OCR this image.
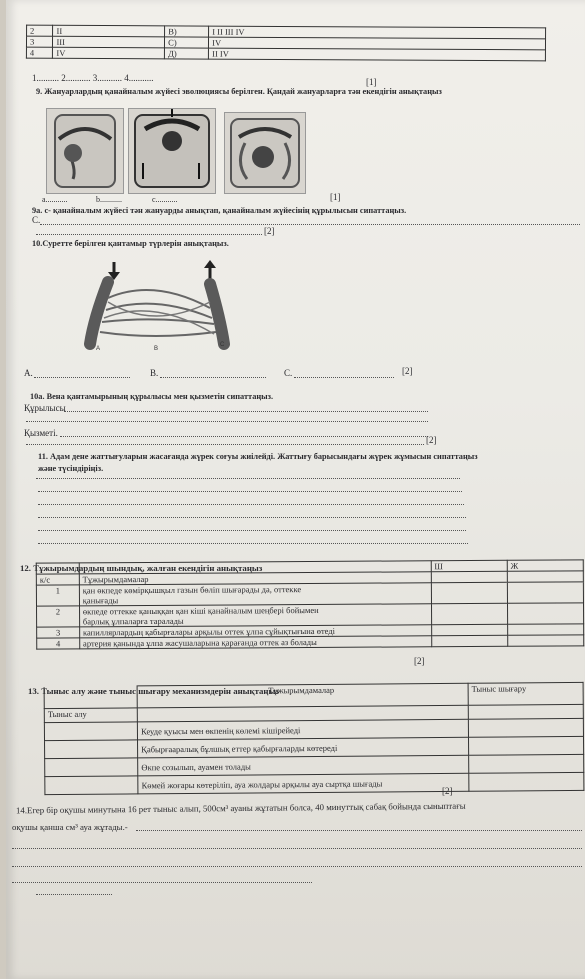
2	II	B)	I II III IV
3	III	C)	IV
4	IV	Д)	II IV
1.......... 2........... 3........... 4...........	[1]
9. Жануарлардың қанайналым жүйесі эволюциясы берілген. Қандай жануарларға тән екендігін анықтаңыз
a...........	b...........	c...........	[1]
9a. c- қанайналым жүйесі тән жануарды анықтап, қанайналым жүйесінің құрылысын сипаттаңыз.
C.
[2]
10.Суретте берілген қантамыр түрлерін анықтаңыз.
A	B
C
A.	B.	C.	[2]
10а. Вена қантамырының құрылысы мен қызметін сипаттаңыз.
Құрылысы
Қызметі.
[2]
11. Адам дене жаттығуларын жасағанда жүрек соғуы жиілейді. Жаттығу барысындағы жүрек жұмысын сипаттаңыз
және түсіндіріңіз.
12. Тұжырымдардың шындық, жалған екендігін анықтаңыз
			Ш	Ж
к/с	Тұжырымдамалар		
1	қан өкпеде көмірқышқыл газын бөліп шығарады да, оттекке
қанығады		

2	өкпеде оттекке қаныққан қан кіші қанайналым шеңбері бойымен
барлық ұлпаларға таралады		

3	капиллярлардың қабырғалары арқылы оттек ұлпа сұйықтығына өтеді		

4	артерия қанында ұлпа жасушаларына қарағанда оттек аз болады		

[2]
13. Тыныс алу және тыныс шығару механизмдерін анықтаңыз
	Тұжырымдамалар	Тыныс шығару
Тыныс алу		
	Кеуде қуысы мен өкпенің көлемі кішірейеді	
	Қабырғааралық бұлшық еттер қабырғаларды көтереді	
	Өкпе созылып, ауамен толады	
	Көмей жоғары көтеріліп, ауа жолдары арқылы ауа сыртқа шығады	
[2]
14.Егер бір оқушы минутына 16 рет тыныс алып, 500см³ ауаны жұтатын болса, 40 минуттық сабақ бойында сыныптағы
оқушы қанша см³ ауа жұтады.-
